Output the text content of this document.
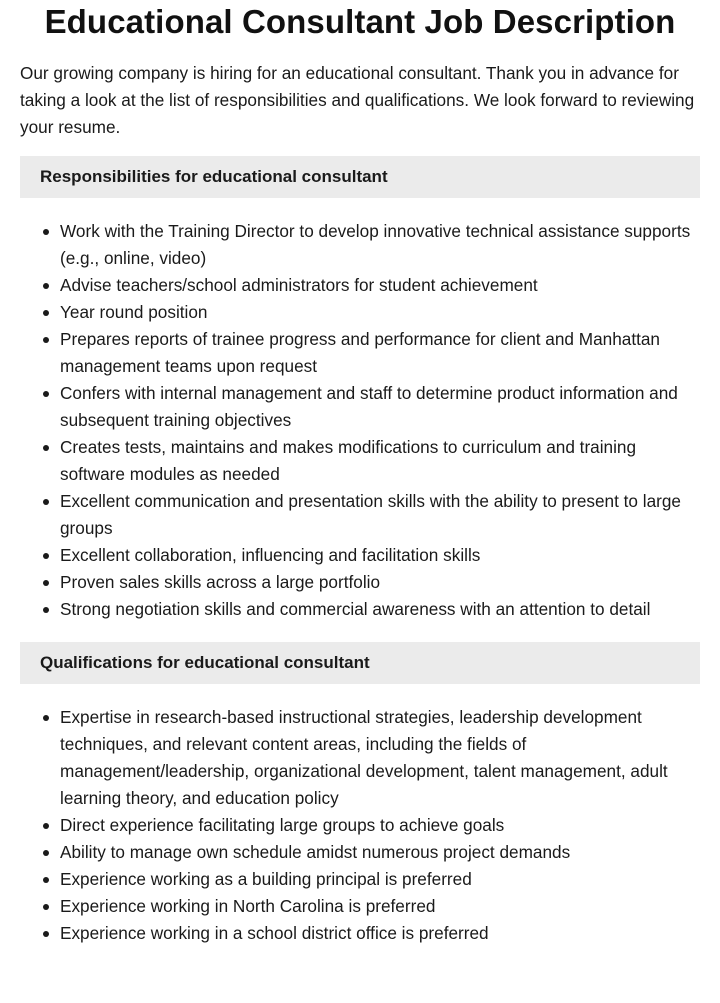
Educational Consultant Job Description

Our growing company is hiring for an educational consultant. Thank you in advance for taking a look at the list of responsibilities and qualifications. We look forward to reviewing your resume.

Responsibilities for educational consultant
Work with the Training Director to develop innovative technical assistance supports (e.g., online, video)
Advise teachers/school administrators for student achievement
Year round position
Prepares reports of trainee progress and performance for client and Manhattan management teams upon request
Confers with internal management and staff to determine product information and subsequent training objectives
Creates tests, maintains and makes modifications to curriculum and training software modules as needed
Excellent communication and presentation skills with the ability to present to large groups
Excellent collaboration, influencing and facilitation skills
Proven sales skills across a large portfolio
Strong negotiation skills and commercial awareness with an attention to detail
Qualifications for educational consultant
Expertise in research-based instructional strategies, leadership development techniques, and relevant content areas, including the fields of management/leadership, organizational development, talent management, adult learning theory, and education policy
Direct experience facilitating large groups to achieve goals
Ability to manage own schedule amidst numerous project demands
Experience working as a building principal is preferred
Experience working in North Carolina is preferred
Experience working in a school district office is preferred
